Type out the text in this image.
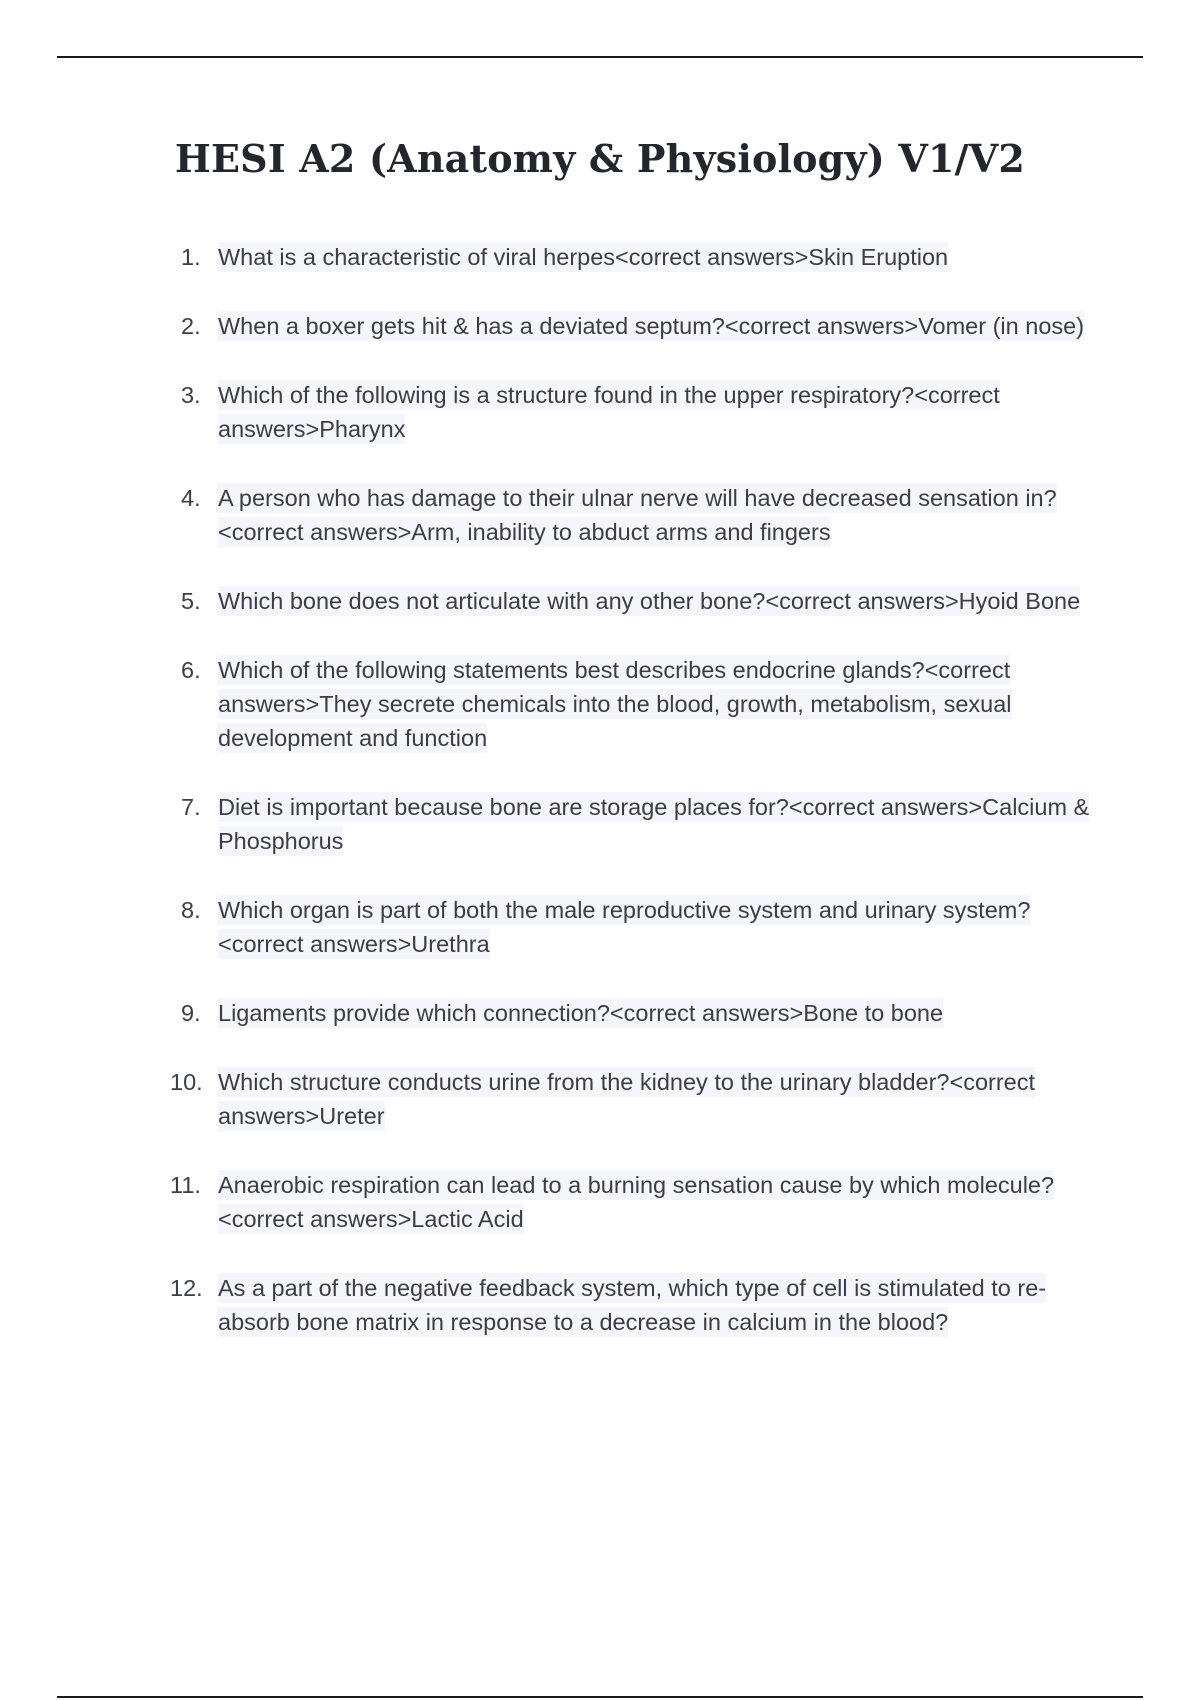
HESI A2 (Anatomy & Physiology) V1/V2
1. What is a characteristic of viral herpes<correct answers>Skin Eruption
2. When a boxer gets hit & has a deviated septum?<correct answers>Vomer (in nose)
3. Which of the following is a structure found in the upper respiratory?<correct answers>Pharynx
4. A person who has damage to their ulnar nerve will have decreased sensation in?<correct answers>Arm, inability to abduct arms and fingers
5. Which bone does not articulate with any other bone?<correct answers>Hyoid Bone
6. Which of the following statements best describes endocrine glands?<correct answers>They secrete chemicals into the blood, growth, metabolism, sexual development and function
7. Diet is important because bone are storage places for?<correct answers>Calcium & Phosphorus
8. Which organ is part of both the male reproductive system and urinary system?<correct answers>Urethra
9. Ligaments provide which connection?<correct answers>Bone to bone
10. Which structure conducts urine from the kidney to the urinary bladder?<correct answers>Ureter
11. Anaerobic respiration can lead to a burning sensation cause by which molecule?<correct answers>Lactic Acid
12. As a part of the negative feedback system, which type of cell is stimulated to re-absorb bone matrix in response to a decrease in calcium in the blood?
